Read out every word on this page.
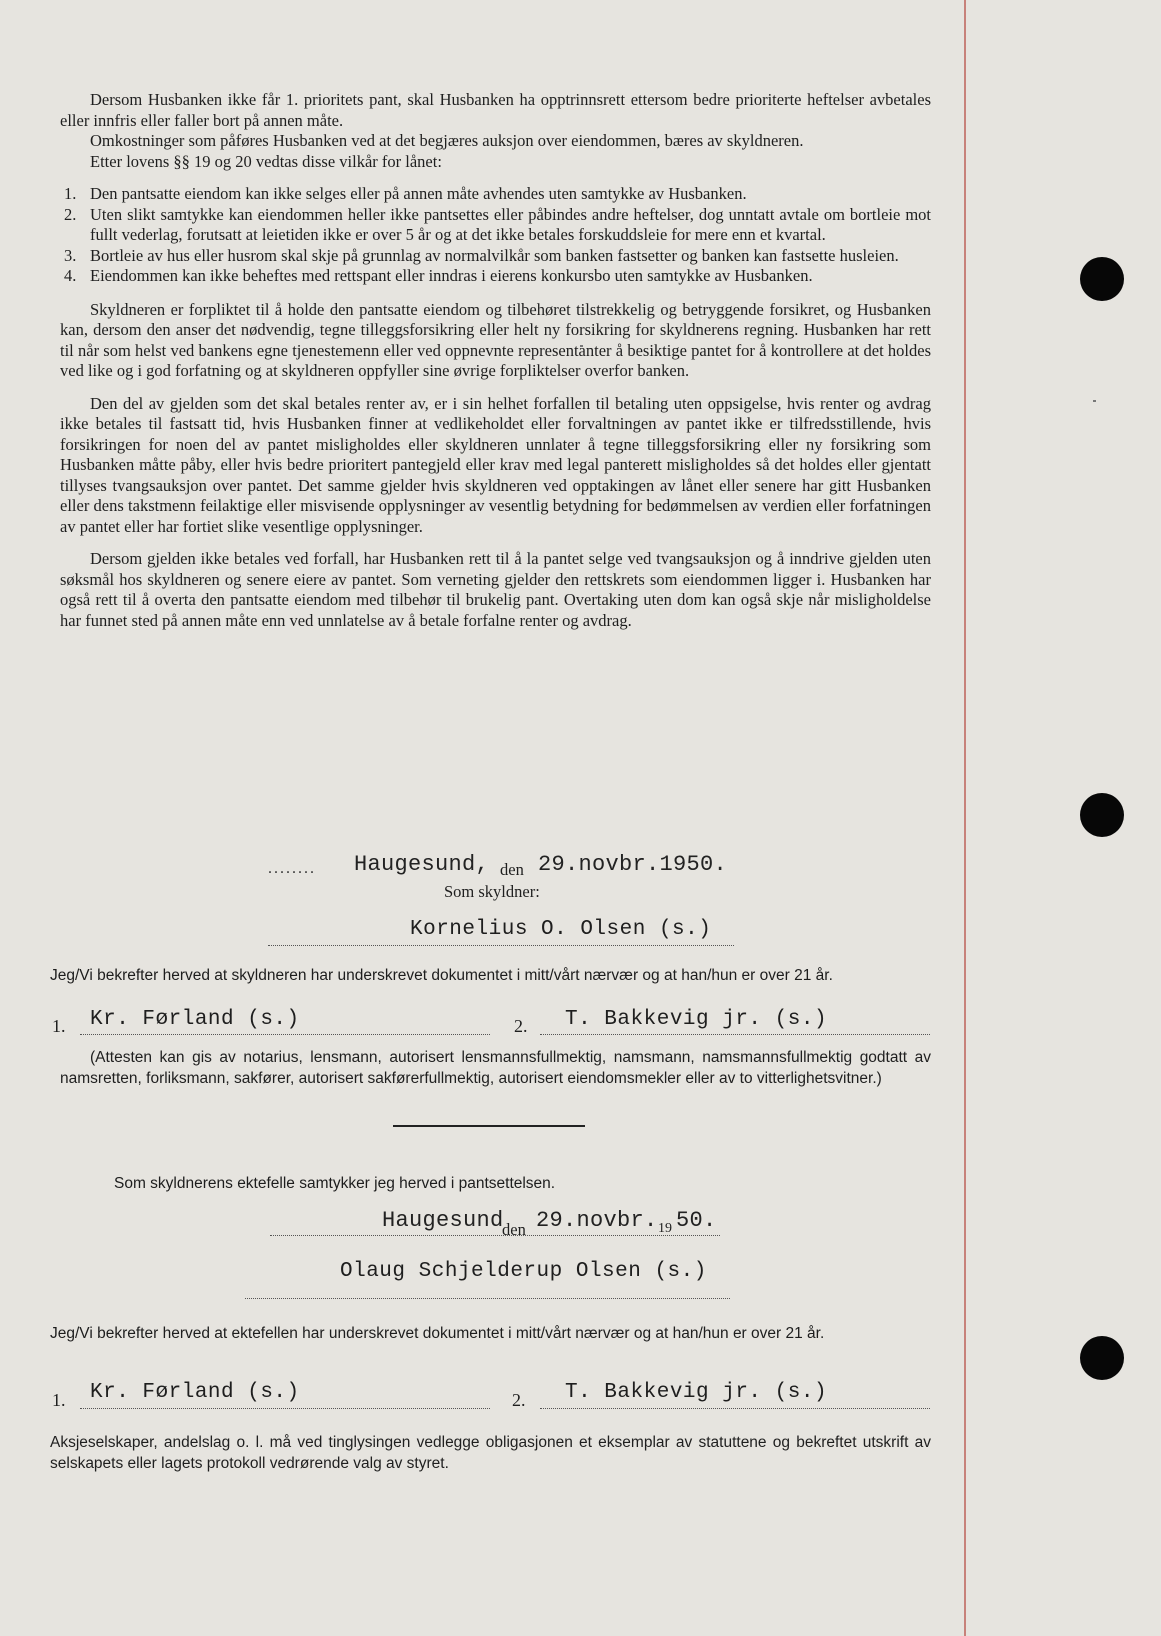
Dersom Husbanken ikke får 1. prioritets pant, skal Husbanken ha opptrinnsrett ettersom bedre prioriterte heftelser avbetales eller innfris eller faller bort på annen måte.

Omkostninger som påføres Husbanken ved at det begjæres auksjon over eiendommen, bæres av skyldneren.

Etter lovens §§ 19 og 20 vedtas disse vilkår for lånet:

1. Den pantsatte eiendom kan ikke selges eller på annen måte avhendes uten samtykke av Husbanken.
2. Uten slikt samtykke kan eiendommen heller ikke pantsettes eller påbindes andre heftelser, dog unntatt avtale om bortleie mot fullt vederlag, forutsatt at leietiden ikke er over 5 år og at det ikke betales forskuddsleie for mere enn et kvartal.
3. Bortleie av hus eller husrom skal skje på grunnlag av normalvilkår som banken fastsetter og banken kan fastsette husleien.
4. Eiendommen kan ikke beheftes med rettspant eller inndras i eierens konkursbo uten samtykke av Husbanken.

Skyldneren er forpliktet til å holde den pantsatte eiendom og tilbehøret tilstrekkelig og betryggende forsikret, og Husbanken kan, dersom den anser det nødvendig, tegne tilleggsforsikring eller helt ny forsikring for skyldnerens regning. Husbanken har rett til når som helst ved bankens egne tjenestemenn eller ved oppnevnte representanter å besiktige pantet for å kontrollere at det holdes ved like og i god forfatning og at skyldneren oppfyller sine øvrige forpliktelser overfor banken.

Den del av gjelden som det skal betales renter av, er i sin helhet forfallen til betaling uten oppsigelse, hvis renter og avdrag ikke betales til fastsatt tid, hvis Husbanken finner at vedlikeholdet eller forvaltningen av pantet ikke er tilfredsstillende, hvis forsikringen for noen del av pantet misligholdes eller skyldneren unnlater å tegne tilleggsforsikring eller ny forsikring som Husbanken måtte påby, eller hvis bedre prioritert pantegjeld eller krav med legal panterett misligholdes så det holdes eller gjentatt tillyses tvangsauksjon over pantet. Det samme gjelder hvis skyldneren ved opptakingen av lånet eller senere har gitt Husbanken eller dens takstmenn feilaktige eller misvisende opplysninger av vesentlig betydning for bedømmelsen av verdien eller forfatningen av pantet eller har fortiet slike vesentlige opplysninger.

Dersom gjelden ikke betales ved forfall, har Husbanken rett til å la pantet selge ved tvangsauksjon og å inndrive gjelden uten søksmål hos skyldneren og senere eiere av pantet. Som verneting gjelder den rettskrets som eiendommen ligger i. Husbanken har også rett til å overta den pantsatte eiendom med tilbehør til brukelig pant. Overtaking uten dom kan også skje når misligholdelse har funnet sted på annen måte enn ved unnlatelse av å betale forfalne renter og avdrag.

........ Haugesund, den 29.novbr.1950.
Som skyldner:
Kornelius O. Olsen (s.)
Jeg/Vi bekrefter herved at skyldneren har underskrevet dokumentet i mitt/vårt nærvær og at han/hun er over 21 år.
1. Kr. Førland (s.)	2. T. Bakkevig jr. (s.)
(Attesten kan gis av notarius, lensmann, autorisert lensmannsfullmektig, namsmann, namsmannsfullmektig godtatt av namsretten, forliksmann, sakfører, autorisert sakførerfullmektig, autorisert eiendomsmekler eller av to vitterlighetsvitner.)
Som skyldnerens ektefelle samtykker jeg herved i pantsettelsen.
Haugesund
den 29.novbr. 19 50.
Olaug Schjelderup Olsen (s.)
Jeg/Vi bekrefter herved at ektefellen har underskrevet dokumentet i mitt/vårt nærvær og at han/hun er over 21 år.
1. Kr. Førland (s.)	2. T. Bakkevig jr. (s.)
Aksjeselskaper, andelslag o. l. må ved tinglysingen vedlegge obligasjonen et eksemplar av statuttene og bekreftet utskrift av selskapets eller lagets protokoll vedrørende valg av styret.
